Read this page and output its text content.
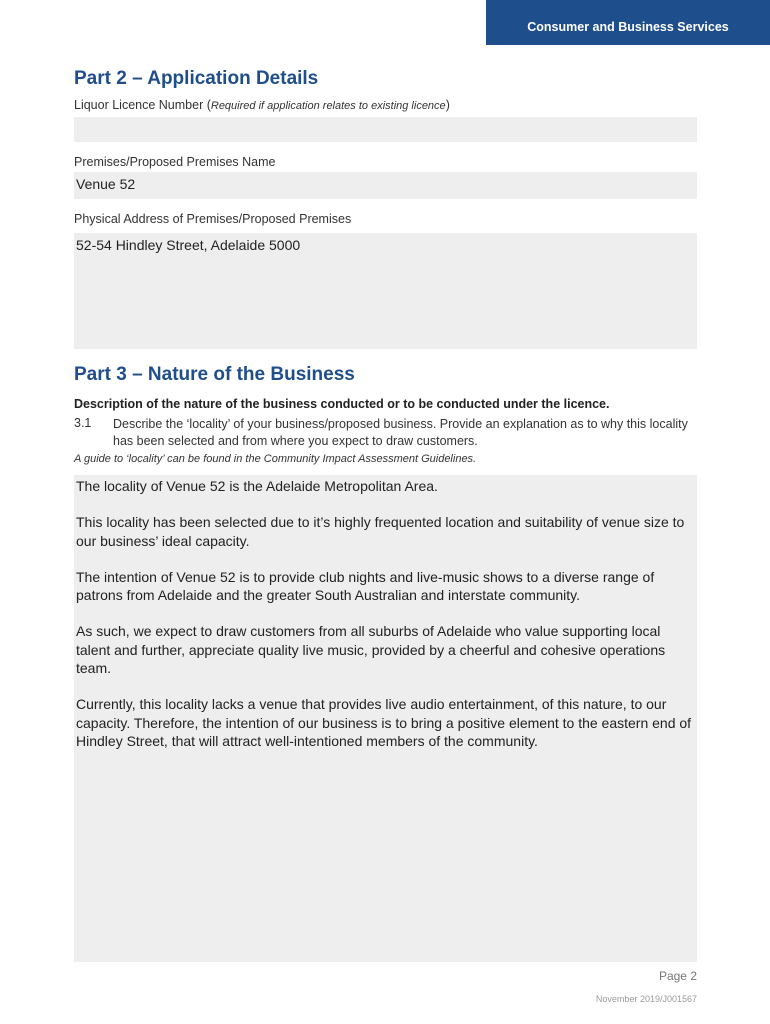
Consumer and Business Services
Part 2 – Application Details
Liquor Licence Number (Required if application relates to existing licence)
Premises/Proposed Premises Name
Venue 52
Physical Address of Premises/Proposed Premises
52-54 Hindley Street, Adelaide 5000
Part 3 – Nature of the Business
Description of the nature of the business conducted or to be conducted under the licence.
3.1 Describe the ‘locality’ of your business/proposed business. Provide an explanation as to why this locality has been selected and from where you expect to draw customers.
A guide to ‘locality’ can be found in the Community Impact Assessment Guidelines.

The locality of Venue 52 is the Adelaide Metropolitan Area.

This locality has been selected due to it’s highly frequented location and suitability of venue size to our business’ ideal capacity.

The intention of Venue 52 is to provide club nights and live-music shows to a diverse range of patrons from Adelaide and the greater South Australian and interstate community.

As such, we expect to draw customers from all suburbs of Adelaide who value supporting local talent and further, appreciate quality live music, provided by a cheerful and cohesive operations team.

Currently, this locality lacks a venue that provides live audio entertainment, of this nature, to our capacity. Therefore, the intention of our business is to bring a positive element to the eastern end of Hindley Street, that will attract well-intentioned members of the community.

Page 2
November 2019/J001567
